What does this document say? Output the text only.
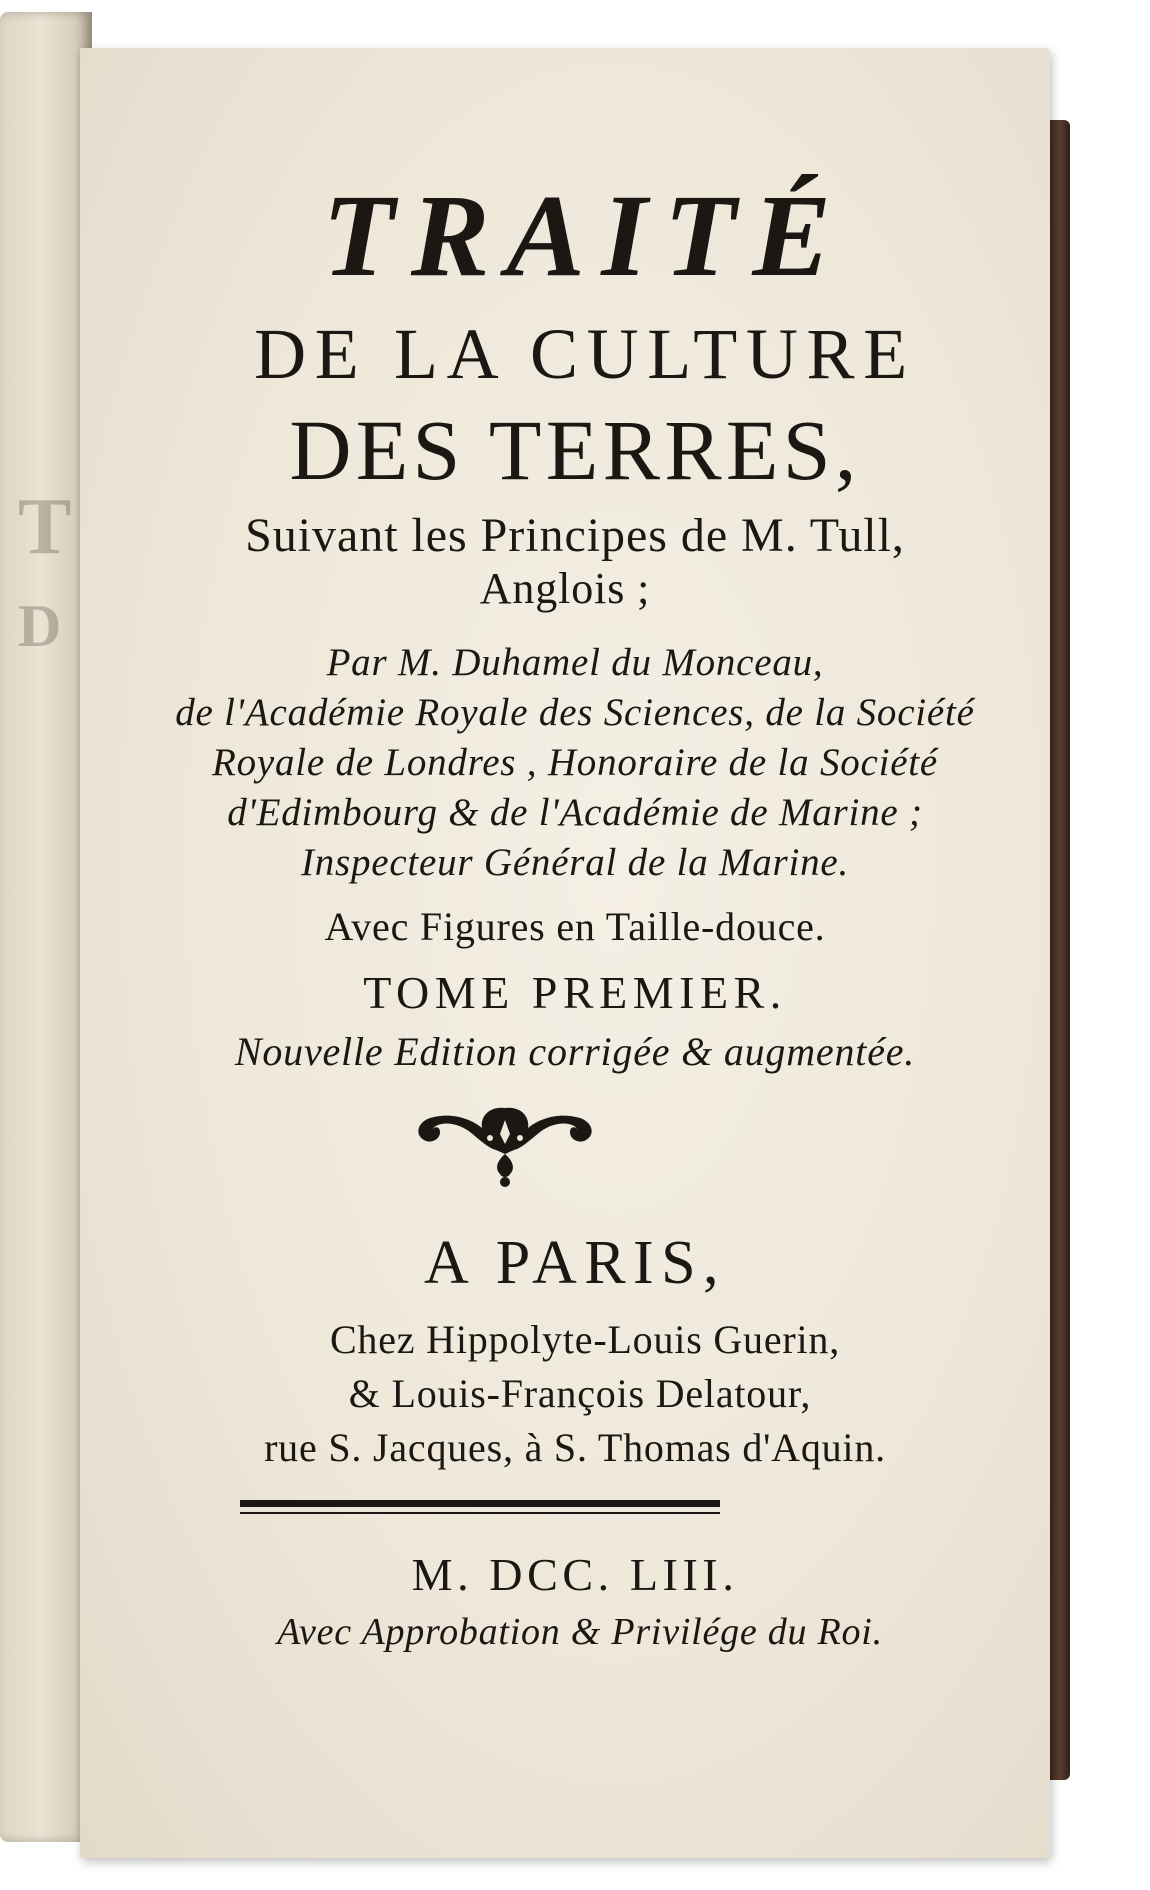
T
D
TRAITÉ
DE LA CULTURE
DES TERRES,
Suivant les Principes de M. Tull,
Anglois ;
Par M. Duhamel du Monceau,
de l'Académie Royale des Sciences, de la Société
Royale de Londres , Honoraire de la Société
d'Edimbourg & de l'Académie de Marine ;
Inspecteur Général de la Marine.
Avec Figures en Taille-douce.
TOME PREMIER.
Nouvelle Edition corrigée & augmentée.
A PARIS,
Chez Hippolyte-Louis Guerin,
& Louis-François Delatour,
rue S. Jacques, à S. Thomas d'Aquin.
M. DCC. LIII.
Avec Approbation & Privilége du Roi.
